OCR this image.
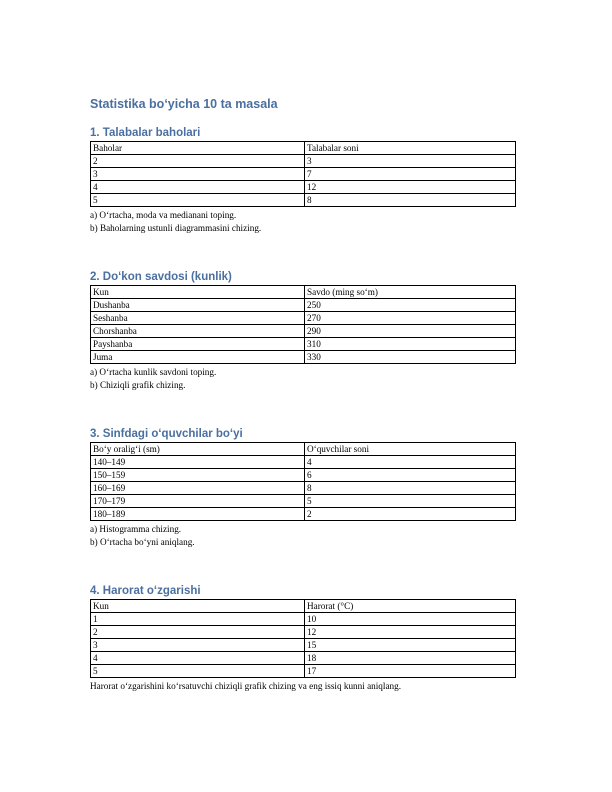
Statistika bo‘yicha 10 ta masala
1. Talabalar baholari
Baholar	Talabalar soni
2	3
3	7
4	12
5	8

a) O‘rtacha, moda va medianani toping.

b) Baholarning ustunli diagrammasini chizing.

2. Do‘kon savdosi (kunlik)
Kun	Savdo (ming so‘m)
Dushanba	250
Seshanba	270
Chorshanba	290
Payshanba	310
Juma	330

a) O‘rtacha kunlik savdoni toping.

b) Chiziqli grafik chizing.

3. Sinfdagi o‘quvchilar bo‘yi
Bo‘y oralig‘i (sm)	O‘quvchilar soni
140–149	4
150–159	6
160–169	8
170–179	5
180–189	2

a) Histogramma chizing.

b) O‘rtacha bo‘yni aniqlang.

4. Harorat o‘zgarishi
Kun	Harorat (°C)
1	10
2	12
3	15
4	18
5	17

Harorat o‘zgarishini ko‘rsatuvchi chiziqli grafik chizing va eng issiq kunni aniqlang.
